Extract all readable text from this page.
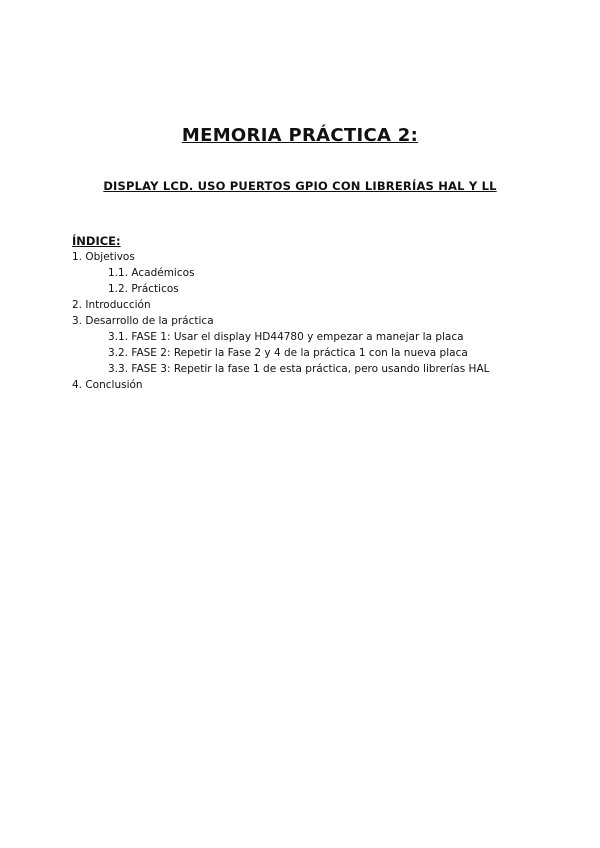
MEMORIA PRÁCTICA 2:
DISPLAY LCD. USO PUERTOS GPIO CON LIBRERÍAS HAL Y LL
ÍNDICE:
1. Objetivos
1.1. Académicos
1.2. Prácticos
2. Introducción
3. Desarrollo de la práctica
3.1. FASE 1: Usar el display HD44780 y empezar a manejar la placa
3.2. FASE 2: Repetir la Fase 2 y 4 de la práctica 1 con la nueva placa
3.3. FASE 3: Repetir la fase 1 de esta práctica, pero usando librerías HAL
4. Conclusión
